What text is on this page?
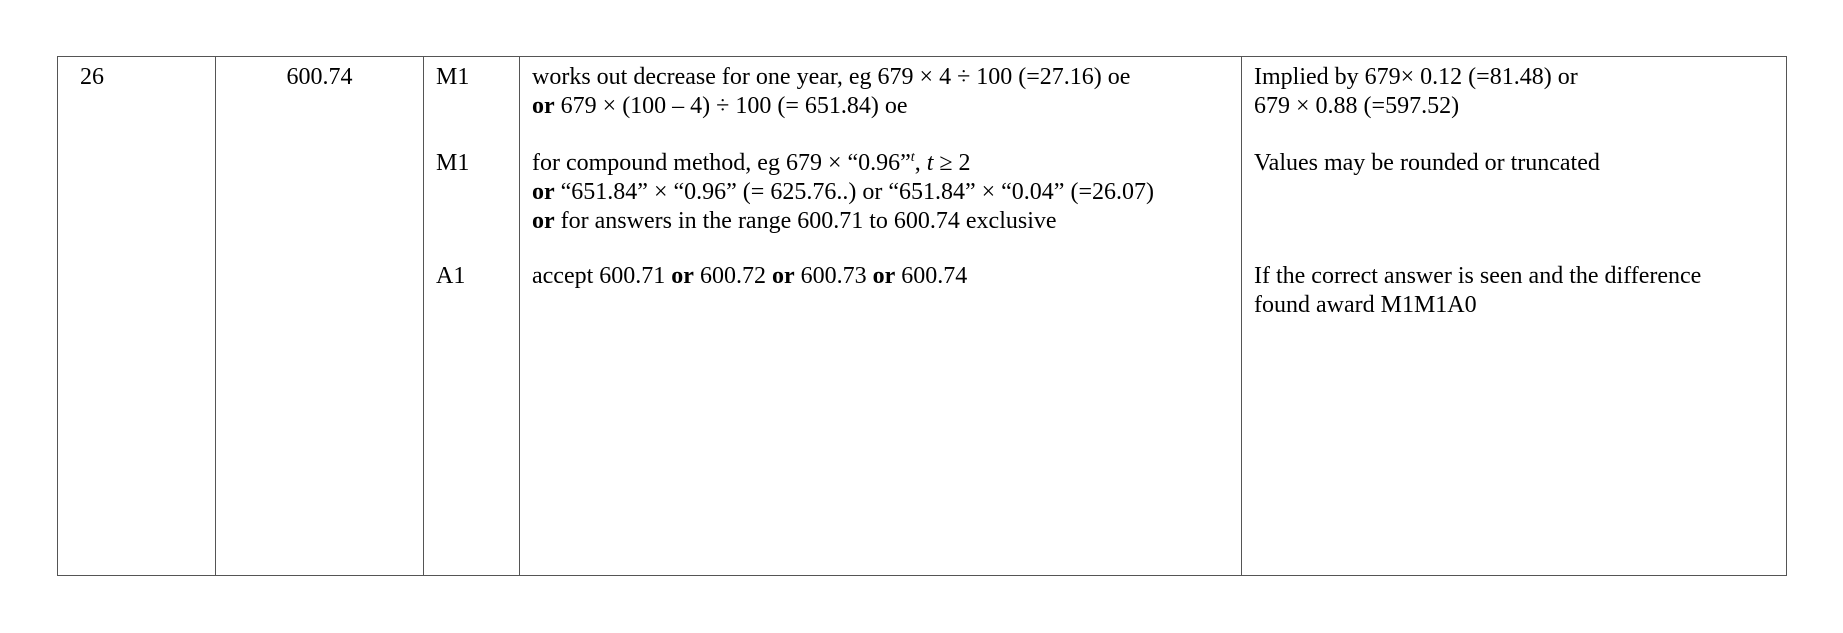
26	600.74	M1
M1
A1
works out decrease for one year, eg 679 × 4 ÷ 100 (=27.16) oe
or 679 × (100 – 4) ÷ 100 (= 651.84) oe
for compound method, eg 679 × “0.96”$^t$, t ≥ 2
or “651.84” × “0.96” (= 625.76..) or “651.84” × “0.04” (=26.07)
or for answers in the range 600.71 to 600.74 exclusive
accept 600.71 or 600.72 or 600.73 or 600.74
Implied by 679× 0.12 (=81.48) or
679 × 0.88 (=597.52)
Values may be rounded or truncated
If the correct answer is seen and the difference
found award M1M1A0
